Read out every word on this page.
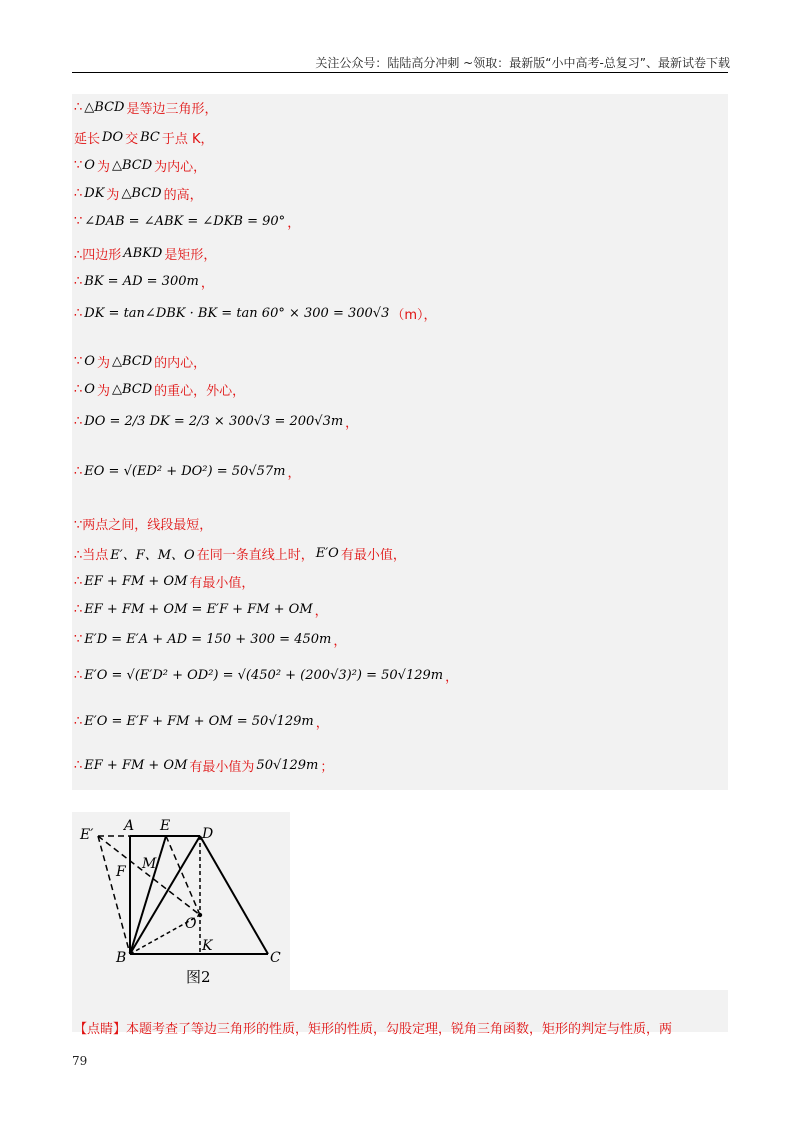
关注公众号：陆陆高分冲刺 ~领取：最新版“小中高考-总复习”、最新试卷下载
∴ △BCD 是等边三角形，
延长 DO 交 BC 于点 K，
∵ O 为 △BCD 为内心，
∴ DK 为 △BCD 的高，
∵ ∠DAB = ∠ABK = ∠DKB = 90° ，
∴四边形 ABKD 是矩形，
∴ BK = AD = 300m ，
∴ DK = tan∠DBK · BK = tan 60° × 300 = 300√3 （m），
∵ O 为 △BCD 的内心，
∴ O 为 △BCD 的重心，外心，
∴ DO = 2/3 DK = 2/3 × 300√3 = 200√3m ，
∴ EO = √(ED² + DO²) = 50√57m ，
∵两点之间，线段最短，
∴当点 E′、F、M、O 在同一条直线上时， E′O 有最小值，
∴ EF + FM + OM 有最小值，
∴ EF + FM + OM = E′F + FM + OM ，
∵ E′D = E′A + AD = 150 + 300 = 450m ，
∴ E′O = √(E′D² + OD²) = √(450² + (200√3)²) = 50√129m ，
∴ E′O = E′F + FM + OM = 50√129m ，
∴ EF + FM + OM 有最小值为 50√129m ；
E′
A E D
M
F
O
K
B	C
图2
【点睛】本题考查了等边三角形的性质，矩形的性质，勾股定理，锐角三角函数，矩形的判定与性质，两
79
